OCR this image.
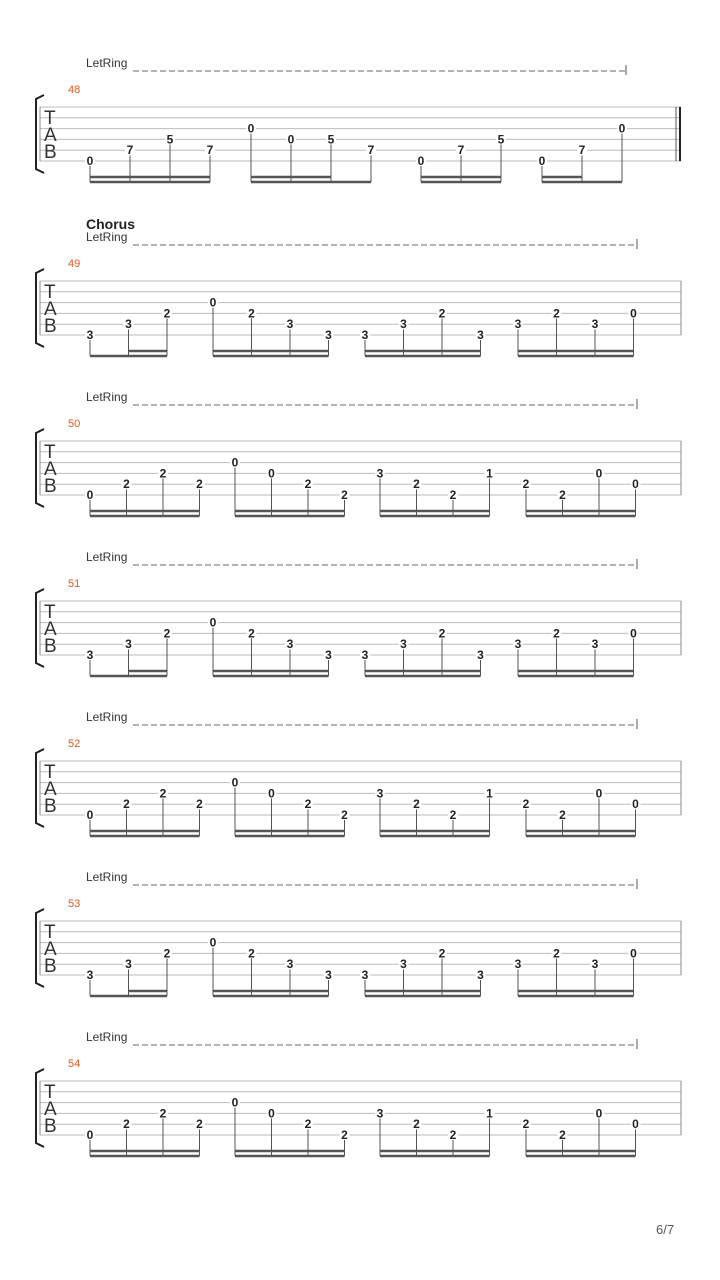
LetRing
48
T
A
B 0
7
5
7
0
0	5
7
0
7
5
0
7
0
LetRing
Chorus
49
T
A
B 3
3
2
0
2
3
3 3
3
2
3
3
2
3
0
LetRing
50
T
A
B 0
2
2
2
0
0
2
2
3
2
2
1
2
2
0
0
LetRing
51
T
A
B 3
3
2
0
2
3
3 3
3
2
3
3
2
3
0
LetRing
52
T
A
B 0
2
2
2
0
0
2
2
3
2
2
1
2
2
0
0
LetRing
53
T
A
B 3
3
2
0
2
3
3 3
3
2
3
3
2
3
0
LetRing
54
T
A
B 0
2
2
2
0
0
2
2
3
2
2
1
2
2
0
0
6/7
